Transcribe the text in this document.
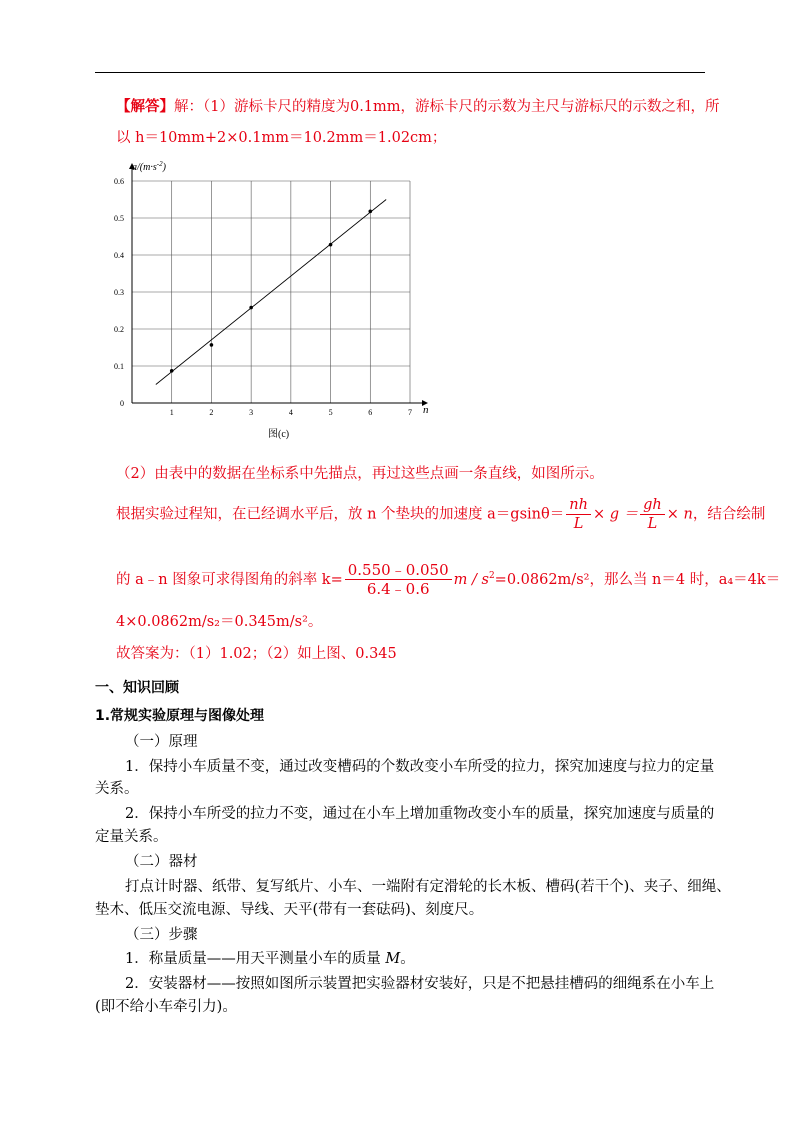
【解答】解：（1）游标卡尺的精度为0.1mm，游标卡尺的示数为主尺与游标尺的示数之和，所
以 h＝10mm+2×0.1mm＝10.2mm＝1.02cm；
1	2	3	4	5	6	7
0
0.1
0.2
0.3
0.4
0.5
0.6
$a/(m\cdot s^{-2})$
n
图(c)
（2）由表中的数据在坐标系中先描点，再过这些点画一条直线，如图所示。
根据实验过程知，在已经调水平后，放 n 个垫块的加速度 $a=gsin\theta= \frac{nh}{L} \times g = \frac{gh}{L} \times n$，结合绘制
的 a﹣n 图象可求得图角的斜率 $k= \frac{0.550﹣0.050}{6.4﹣0.6}$ $m / s^2=0.0862m/s^2$，那么当 n＝4 时，a₄＝4k＝
4×0.0862m/s₂＝0.345m/s²。
故答案为：（1）1.02；（2）如上图、0.345
一、知识回顾
1.常规实验原理与图像处理
（一）原理
1．保持小车质量不变，通过改变槽码的个数改变小车所受的拉力，探究加速度与拉力的定量
关系。
2．保持小车所受的拉力不变，通过在小车上增加重物改变小车的质量，探究加速度与质量的
定量关系。
（二）器材
打点计时器、纸带、复写纸片、小车、一端附有定滑轮的长木板、槽码(若干个)、夹子、细绳、
垫木、低压交流电源、导线、天平(带有一套砝码)、刻度尺。
（三）步骤
1．称量质量——用天平测量小车的质量 M。
2．安装器材——按照如图所示装置把实验器材安装好，只是不把悬挂槽码的细绳系在小车上
(即不给小车牵引力)。
